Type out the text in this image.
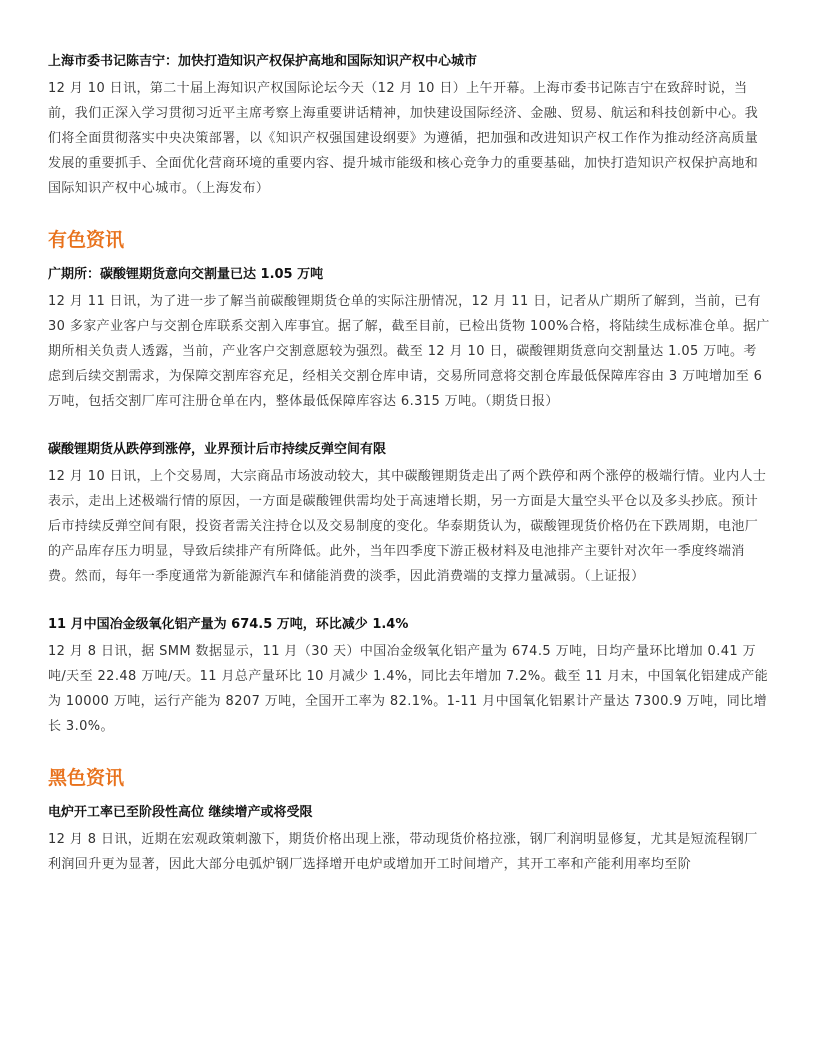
上海市委书记陈吉宁：加快打造知识产权保护高地和国际知识产权中心城市

12 月 10 日讯，第二十届上海知识产权国际论坛今天（12 月 10 日）上午开幕。上海市委书记陈吉宁在致辞时说，当前，我们正深入学习贯彻习近平主席考察上海重要讲话精神，加快建设国际经济、金融、贸易、航运和科技创新中心。我们将全面贯彻落实中央决策部署，以《知识产权强国建设纲要》为遵循，把加强和改进知识产权工作作为推动经济高质量发展的重要抓手、全面优化营商环境的重要内容、提升城市能级和核心竞争力的重要基础，加快打造知识产权保护高地和国际知识产权中心城市。（上海发布）

有色资讯

广期所：碳酸锂期货意向交割量已达 1.05 万吨

12 月 11 日讯，为了进一步了解当前碳酸锂期货仓单的实际注册情况，12 月 11 日，记者从广期所了解到，当前，已有 30 多家产业客户与交割仓库联系交割入库事宜。据了解，截至目前，已检出货物 100%合格，将陆续生成标准仓单。据广期所相关负责人透露，当前，产业客户交割意愿较为强烈。截至 12 月 10 日，碳酸锂期货意向交割量达 1.05 万吨。考虑到后续交割需求，为保障交割库容充足，经相关交割仓库申请，交易所同意将交割仓库最低保障库容由 3 万吨增加至 6 万吨，包括交割厂库可注册仓单在内，整体最低保障库容达 6.315 万吨。（期货日报）

碳酸锂期货从跌停到涨停，业界预计后市持续反弹空间有限

12 月 10 日讯，上个交易周，大宗商品市场波动较大，其中碳酸锂期货走出了两个跌停和两个涨停的极端行情。业内人士表示，走出上述极端行情的原因，一方面是碳酸锂供需均处于高速增长期，另一方面是大量空头平仓以及多头抄底。预计后市持续反弹空间有限，投资者需关注持仓以及交易制度的变化。华泰期货认为，碳酸锂现货价格仍在下跌周期，电池厂的产品库存压力明显，导致后续排产有所降低。此外，当年四季度下游正极材料及电池排产主要针对次年一季度终端消费。然而，每年一季度通常为新能源汽车和储能消费的淡季，因此消费端的支撑力量减弱。（上证报）

11 月中国冶金级氧化铝产量为 674.5 万吨，环比减少 1.4%

12 月 8 日讯，据 SMM 数据显示，11 月（30 天）中国冶金级氧化铝产量为 674.5 万吨，日均产量环比增加 0.41 万吨/天至 22.48 万吨/天。11 月总产量环比 10 月减少 1.4%，同比去年增加 7.2%。截至 11 月末，中国氧化铝建成产能为 10000 万吨，运行产能为 8207 万吨，全国开工率为 82.1%。1-11 月中国氧化铝累计产量达 7300.9 万吨，同比增长 3.0%。

黑色资讯

电炉开工率已至阶段性高位 继续增产或将受限

12 月 8 日讯，近期在宏观政策刺激下，期货价格出现上涨，带动现货价格拉涨，钢厂利润明显修复，尤其是短流程钢厂利润回升更为显著，因此大部分电弧炉钢厂选择增开电炉或增加开工时间增产，其开工率和产能利用率均至阶
